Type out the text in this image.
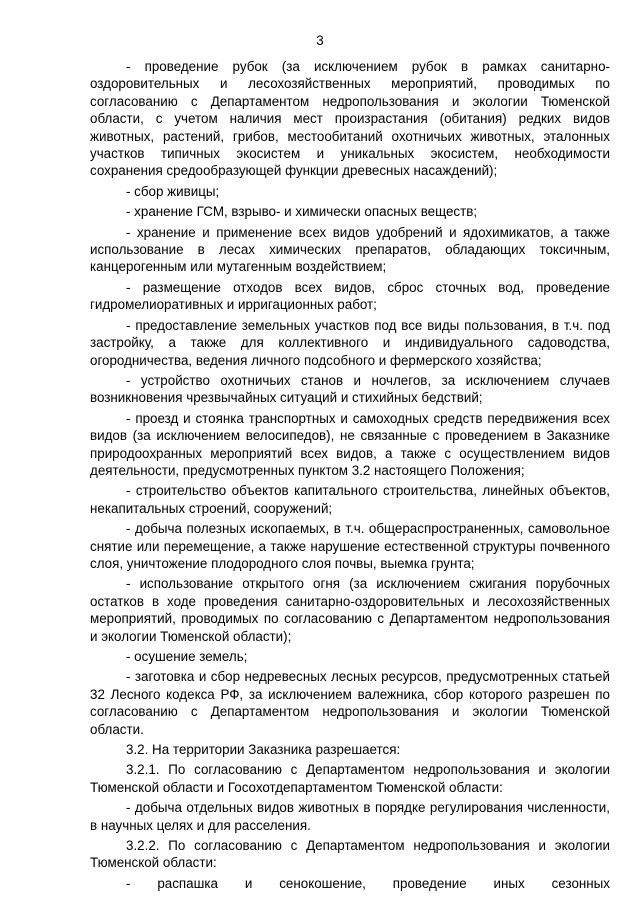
3

- проведение рубок (за исключением рубок в рамках санитарно-оздоровительных и лесохозяйственных мероприятий, проводимых по согласованию с Департаментом недропользования и экологии Тюменской области, с учетом наличия мест произрастания (обитания) редких видов животных, растений, грибов, местообитаний охотничьих животных, эталонных участков типичных экосистем и уникальных экосистем, необходимости сохранения средообразующей функции древесных насаждений);

- сбор живицы;

- хранение ГСМ, взрыво- и химически опасных веществ;

- хранение и применение всех видов удобрений и ядохимикатов, а также использование в лесах химических препаратов, обладающих токсичным, канцерогенным или мутагенным воздействием;

- размещение отходов всех видов, сброс сточных вод, проведение гидромелиоративных и ирригационных работ;

- предоставление земельных участков под все виды пользования, в т.ч. под застройку, а также для коллективного и индивидуального садоводства, огородничества, ведения личного подсобного и фермерского хозяйства;

- устройство охотничьих станов и ночлегов, за исключением случаев возникновения чрезвычайных ситуаций и стихийных бедствий;

- проезд и стоянка транспортных и самоходных средств передвижения всех видов (за исключением велосипедов), не связанные с проведением в Заказнике природоохранных мероприятий всех видов, а также с осуществлением видов деятельности, предусмотренных пунктом 3.2 настоящего Положения;

- строительство объектов капитального строительства, линейных объектов, некапитальных строений, сооружений;

- добыча полезных ископаемых, в т.ч. общераспространенных, самовольное снятие или перемещение, а также нарушение естественной структуры почвенного слоя, уничтожение плодородного слоя почвы, выемка грунта;

- использование открытого огня (за исключением сжигания порубочных остатков в ходе проведения санитарно-оздоровительных и лесохозяйственных мероприятий, проводимых по согласованию с Департаментом недропользования и экологии Тюменской области);

- осушение земель;

- заготовка и сбор недревесных лесных ресурсов, предусмотренных статьей 32 Лесного кодекса РФ, за исключением валежника, сбор которого разрешен по согласованию с Департаментом недропользования и экологии Тюменской области.

3.2. На территории Заказника разрешается:

3.2.1. По согласованию с Департаментом недропользования и экологии Тюменской области и Госохотдепартаментом Тюменской области:

- добыча отдельных видов животных в порядке регулирования численности, в научных целях и для расселения.

3.2.2. По согласованию с Департаментом недропользования и экологии Тюменской области:

- распашка и сенокошение, проведение иных сезонных
